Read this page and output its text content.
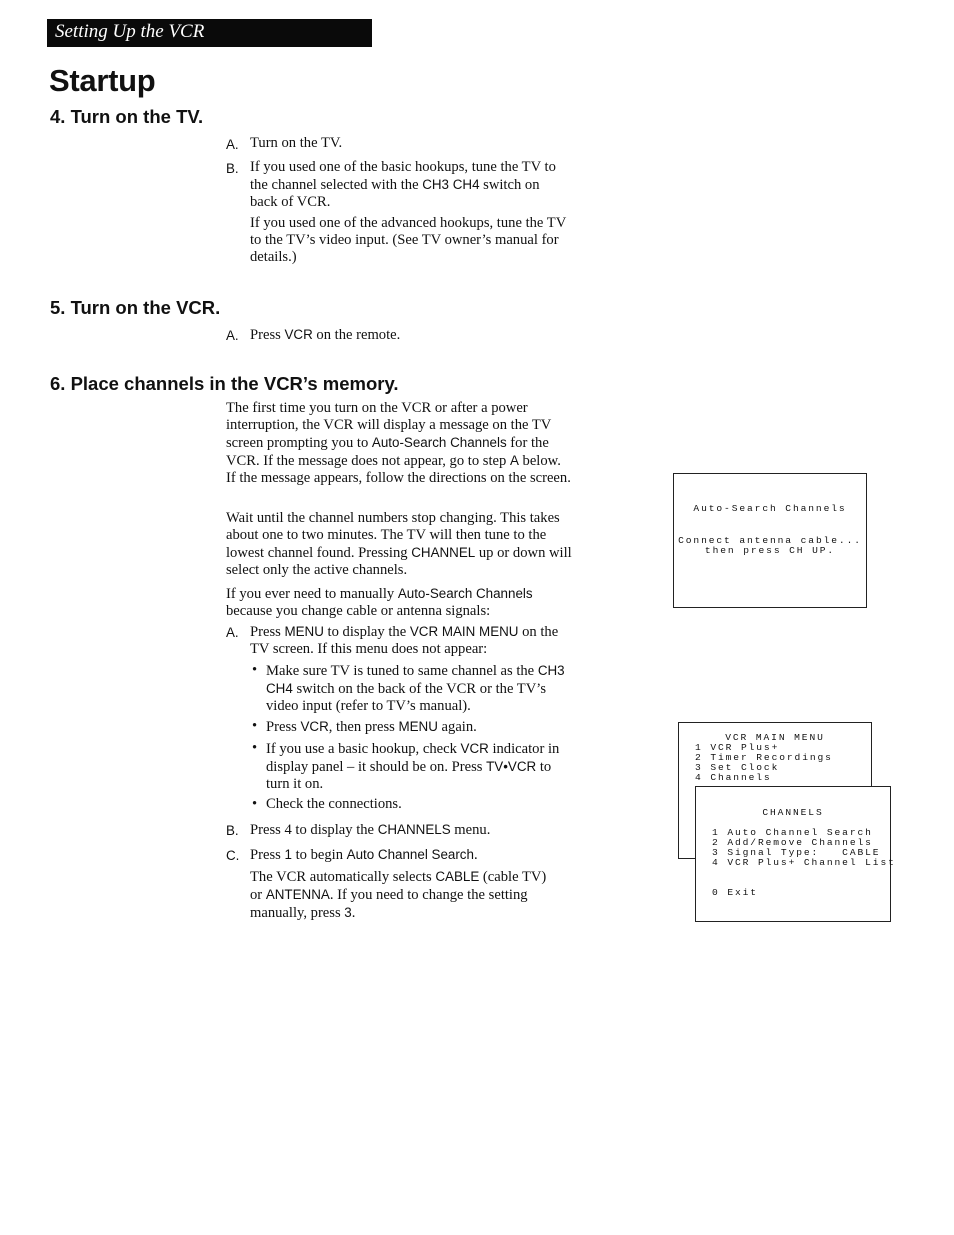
Setting Up the VCR
Startup
4. Turn on the TV.
A. Turn on the TV.
B. If you used one of the basic hookups, tune the TV to the channel selected with the CH3 CH4 switch on back of VCR.
If you used one of the advanced hookups, tune the TV to the TV’s video input. (See TV owner’s manual for details.)
5. Turn on the VCR.
A. Press VCR on the remote.
6. Place channels in the VCR’s memory.
The first time you turn on the VCR or after a power interruption, the VCR will display a message on the TV screen prompting you to Auto-Search Channels for the VCR. If the message does not appear, go to step A below. If the message appears, follow the directions on the screen.
Wait until the channel numbers stop changing. This takes about one to two minutes. The TV will then tune to the lowest channel found. Pressing CHANNEL up or down will select only the active channels.
If you ever need to manually Auto-Search Channels because you change cable or antenna signals:
A. Press MENU to display the VCR MAIN MENU on the TV screen. If this menu does not appear:
• Make sure TV is tuned to same channel as the CH3 CH4 switch on the back of the VCR or the TV’s video input (refer to TV’s manual).
• Press VCR, then press MENU again.
• If you use a basic hookup, check VCR indicator in display panel – it should be on. Press TV•VCR to turn it on.
• Check the connections.
B. Press 4 to display the CHANNELS menu.
C. Press 1 to begin Auto Channel Search.
The VCR automatically selects CABLE (cable TV) or ANTENNA. If you need to change the setting manually, press 3.

Auto-Search Channels

Connect antenna cable...

then press CH UP.

VCR MAIN MENU

1 VCR Plus+

2 Timer Recordings

3 Set Clock

4 Channels

CHANNELS

1 Auto Channel Search

2 Add/Remove Channels

3 Signal Type:   CABLE

4 VCR Plus+ Channel List

0 Exit
